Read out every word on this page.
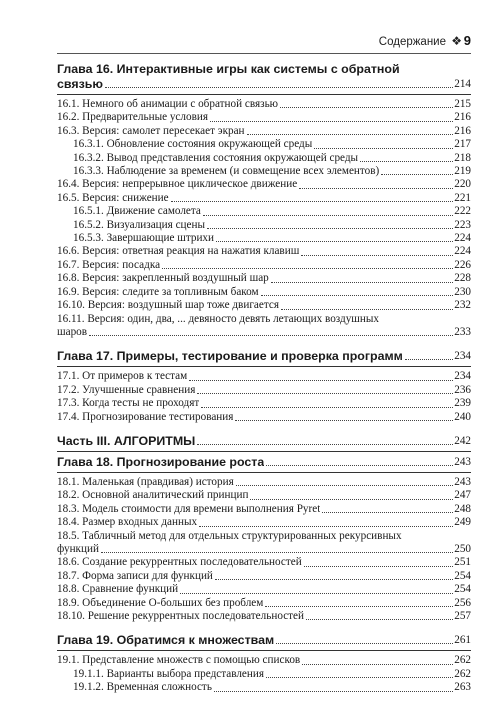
Содержание ❖ 9
Глава 16. Интерактивные игры как системы с обратной
связью	214
16.1. Немного об анимации с обратной связью	215
16.2. Предварительные условия	216
16.3. Версия: самолет пересекает экран	216
16.3.1. Обновление состояния окружающей среды	217
16.3.2. Вывод представления состояния окружающей среды	218
16.3.3. Наблюдение за временем (и совмещение всех элементов)	219
16.4. Версия: непрерывное циклическое движение	220
16.5. Версия: снижение	221
16.5.1. Движение самолета	222
16.5.2. Визуализация сцены	223
16.5.3. Завершающие штрихи	224
16.6. Версия: ответная реакция на нажатия клавиш	224
16.7. Версия: посадка	226
16.8. Версия: закрепленный воздушный шар	228
16.9. Версия: следите за топливным баком	230
16.10. Версия: воздушный шар тоже двигается	232
16.11. Версия: один, два, ... девяносто девять летающих воздушных
шаров	233
Глава 17. Примеры, тестирование и проверка программ	234
17.1. От примеров к тестам	234
17.2. Улучшенные сравнения	236
17.3. Когда тесты не проходят	239
17.4. Прогнозирование тестирования	240
Часть III. АЛГОРИТМЫ	242
Глава 18. Прогнозирование роста	243
18.1. Маленькая (правдивая) история	243
18.2. Основной аналитический принцип	247
18.3. Модель стоимости для времени выполнения Pyret	248
18.4. Размер входных данных	249
18.5. Табличный метод для отдельных структурированных рекурсивных
функций	250
18.6. Создание рекуррентных последовательностей	251
18.7. Форма записи для функций	254
18.8. Сравнение функций	254
18.9. Объединение O-больших без проблем	256
18.10. Решение рекуррентных последовательностей	257
Глава 19. Обратимся к множествам	261
19.1. Представление множеств с помощью списков	262
19.1.1. Варианты выбора представления	262
19.1.2. Временна́я сложность	263
